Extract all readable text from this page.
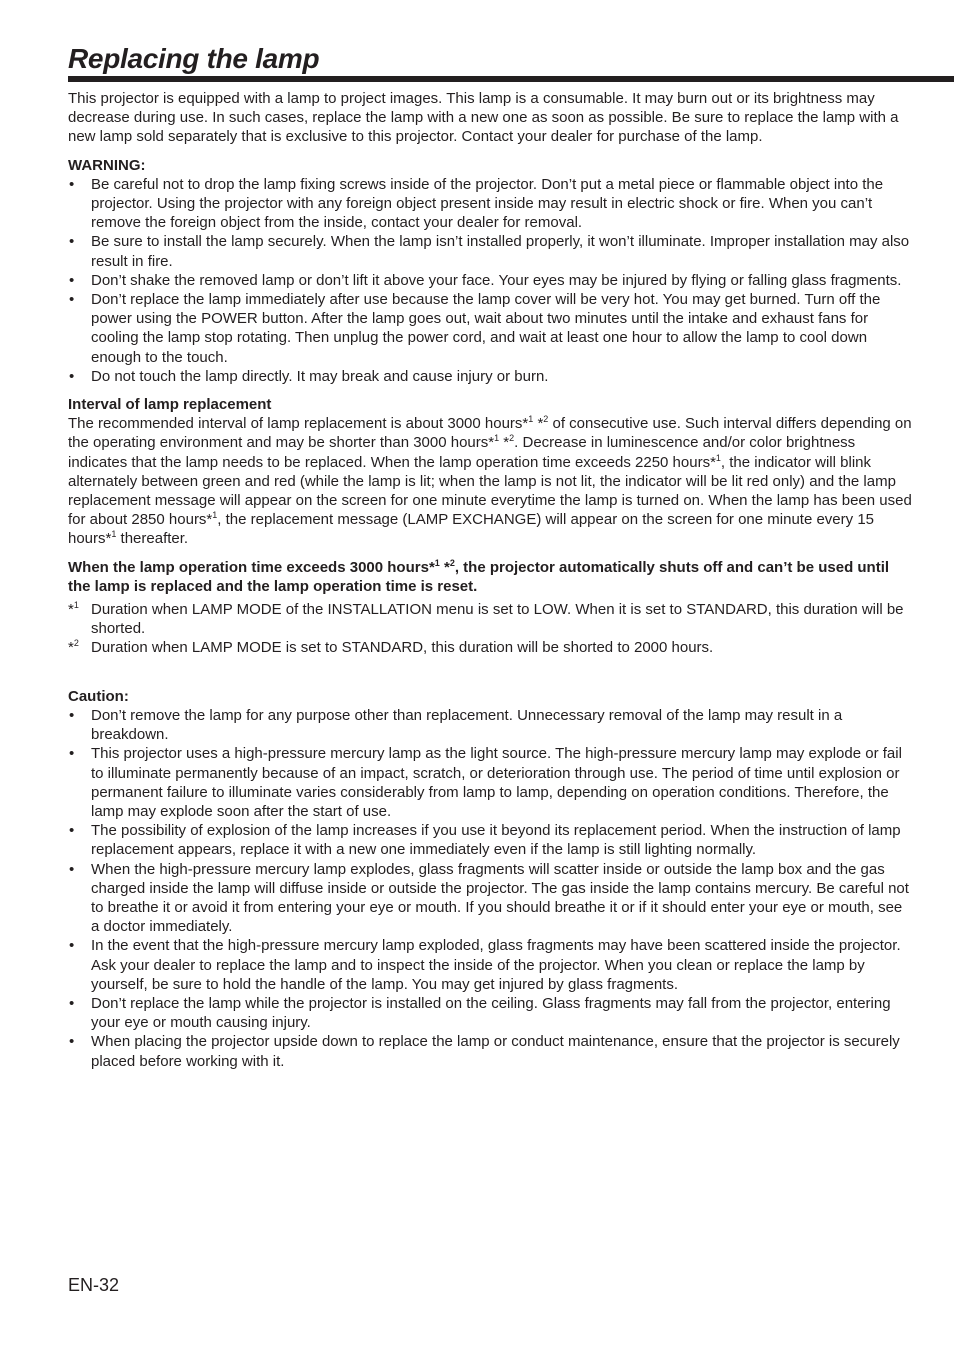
Replacing the lamp

This projector is equipped with a lamp to project images. This lamp is a consumable. It may burn out or its brightness may decrease during use. In such cases, replace the lamp with a new one as soon as possible. Be sure to replace the lamp with a new lamp sold separately that is exclusive to this projector. Contact your dealer for purchase of the lamp.

WARNING:

• Be careful not to drop the lamp fixing screws inside of the projector. Don’t put a metal piece or flammable object into the projector. Using the projector with any foreign object present inside may result in electric shock or fire. When you can’t remove the foreign object from the inside, contact your dealer for removal.
• Be sure to install the lamp securely. When the lamp isn’t installed properly, it won’t illuminate. Improper installation may also result in fire.
• Don’t shake the removed lamp or don’t lift it above your face. Your eyes may be injured by flying or falling glass fragments.
• Don’t replace the lamp immediately after use because the lamp cover will be very hot. You may get burned. Turn off the power using the POWER button. After the lamp goes out, wait about two minutes until the intake and exhaust fans for cooling the lamp stop rotating. Then unplug the power cord, and wait at least one hour to allow the lamp to cool down enough to the touch.
• Do not touch the lamp directly. It may break and cause injury or burn.

Interval of lamp replacement

The recommended interval of lamp replacement is about 3000 hours*$^1$ *$^2$ of consecutive use. Such interval differs depending on the operating environment and may be shorter than 3000 hours*$^1$ *$^2$. Decrease in luminescence and/or color brightness indicates that the lamp needs to be replaced. When the lamp operation time exceeds 2250 hours*$^1$, the indicator will blink alternately between green and red (while the lamp is lit; when the lamp is not lit, the indicator will be lit red only) and the lamp replacement message will appear on the screen for one minute everytime the lamp is turned on. When the lamp has been used for about 2850 hours*$^1$, the replacement message (LAMP EXCHANGE) will appear on the screen for one minute every 15 hours*$^1$ thereafter.

When the lamp operation time exceeds 3000 hours*$^1$ *$^2$, the projector automatically shuts off and can’t be used until the lamp is replaced and the lamp operation time is reset.

*$^1$ Duration when LAMP MODE of the INSTALLATION menu is set to LOW. When it is set to STANDARD, this duration will be shorted.
*$^2$ Duration when LAMP MODE is set to STANDARD, this duration will be shorted to 2000 hours.

Caution:

• Don’t remove the lamp for any purpose other than replacement. Unnecessary removal of the lamp may result in a breakdown.
• This projector uses a high-pressure mercury lamp as the light source. The high-pressure mercury lamp may explode or fail to illuminate permanently because of an impact, scratch, or deterioration through use. The period of time until explosion or permanent failure to illuminate varies considerably from lamp to lamp, depending on operation conditions. Therefore, the lamp may explode soon after the start of use.
• The possibility of explosion of the lamp increases if you use it beyond its replacement period. When the instruction of lamp replacement appears, replace it with a new one immediately even if the lamp is still lighting normally.
• When the high-pressure mercury lamp explodes, glass fragments will scatter inside or outside the lamp box and the gas charged inside the lamp will diffuse inside or outside the projector. The gas inside the lamp contains mercury. Be careful not to breathe it or avoid it from entering your eye or mouth. If you should breathe it or if it should enter your eye or mouth, see a doctor immediately.
• In the event that the high-pressure mercury lamp exploded, glass fragments may have been scattered inside the projector. Ask your dealer to replace the lamp and to inspect the inside of the projector. When you clean or replace the lamp by yourself, be sure to hold the handle of the lamp. You may get injured by glass fragments.
• Don’t replace the lamp while the projector is installed on the ceiling. Glass fragments may fall from the projector, entering your eye or mouth causing injury.
• When placing the projector upside down to replace the lamp or conduct maintenance, ensure that the projector is securely placed before working with it.
EN-32
